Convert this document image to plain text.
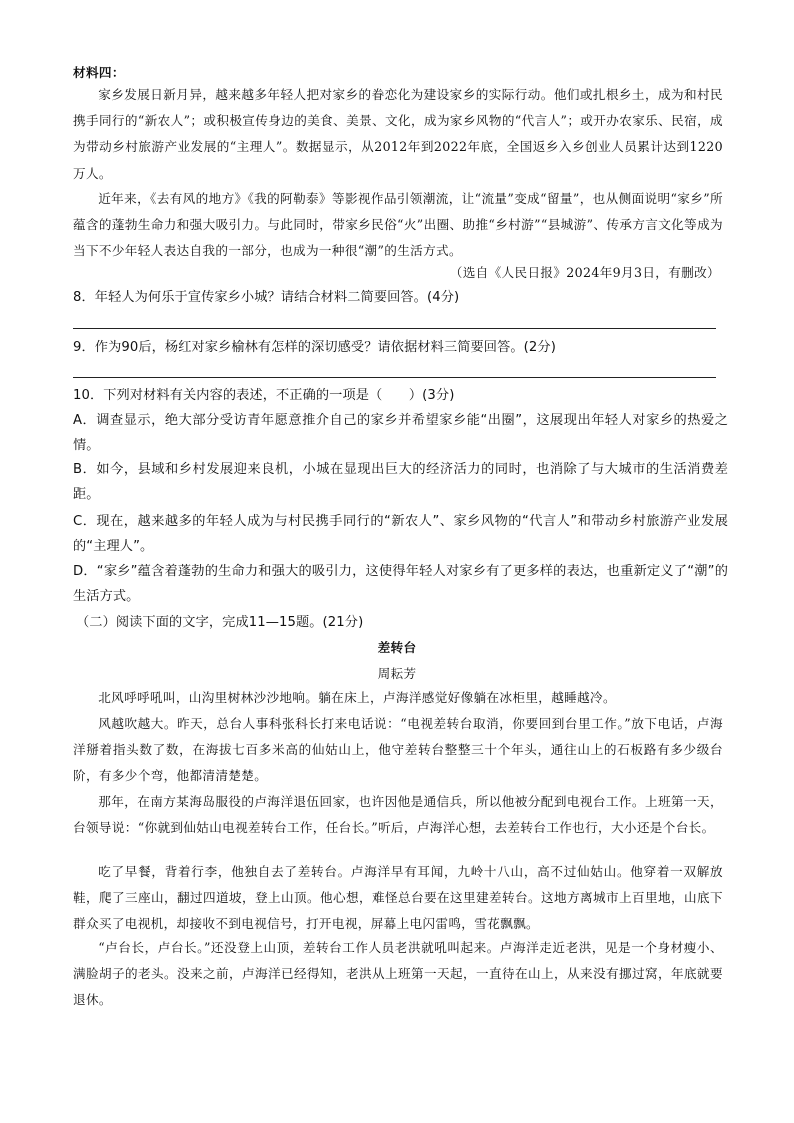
材料四：

家乡发展日新月异，越来越多年轻人把对家乡的眷恋化为建设家乡的实际行动。他们或扎根乡土，成为和村民携手同行的“新农人”；或积极宣传身边的美食、美景、文化，成为家乡风物的“代言人”；或开办农家乐、民宿，成为带动乡村旅游产业发展的“主理人”。数据显示，从2012年到2022年底，全国返乡入乡创业人员累计达到1220万人。

近年来，《去有风的地方》《我的阿勒泰》等影视作品引领潮流，让“流量”变成“留量”，也从侧面说明“家乡”所蕴含的蓬勃生命力和强大吸引力。与此同时，带家乡民俗“火”出圈、助推“乡村游”“县城游”、传承方言文化等成为当下不少年轻人表达自我的一部分，也成为一种很“潮”的生活方式。

（选自《人民日报》2024年9月3日，有删改）
8．年轻人为何乐于宣传家乡小城？请结合材料二简要回答。(4分)
9．作为90后，杨红对家乡榆林有怎样的深切感受？请依据材料三简要回答。(2分)
10．下列对材料有关内容的表述，不正确的一项是（　　）(3分)
A．调查显示，绝大部分受访青年愿意推介自己的家乡并希望家乡能“出圈”，这展现出年轻人对家乡的热爱之情。
B．如今，县域和乡村发展迎来良机，小城在显现出巨大的经济活力的同时，也消除了与大城市的生活消费差距。
C．现在，越来越多的年轻人成为与村民携手同行的“新农人”、家乡风物的“代言人”和带动乡村旅游产业发展的“主理人”。
D．“家乡”蕴含着蓬勃的生命力和强大的吸引力，这使得年轻人对家乡有了更多样的表达，也重新定义了“潮”的生活方式。
（二）阅读下面的文字，完成11—15题。(21分)
差转台
周耘芳

北风呼呼吼叫，山沟里树林沙沙地响。躺在床上，卢海洋感觉好像躺在冰柜里，越睡越冷。

风越吹越大。昨天，总台人事科张科长打来电话说：“电视差转台取消，你要回到台里工作。”放下电话，卢海洋掰着指头数了数，在海拔七百多米高的仙姑山上，他守差转台整整三十个年头，通往山上的石板路有多少级台阶，有多少个弯，他都清清楚楚。

那年，在南方某海岛服役的卢海洋退伍回家，也许因他是通信兵，所以他被分配到电视台工作。上班第一天，台领导说：“你就到仙姑山电视差转台工作，任台长。”听后，卢海洋心想，去差转台工作也行，大小还是个台长。

吃了早餐，背着行李，他独自去了差转台。卢海洋早有耳闻，九岭十八山，高不过仙姑山。他穿着一双解放鞋，爬了三座山，翻过四道坡，登上山顶。他心想，难怪总台要在这里建差转台。这地方离城市上百里地，山底下群众买了电视机，却接收不到电视信号，打开电视，屏幕上电闪雷鸣，雪花飘飘。

“卢台长，卢台长。”还没登上山顶，差转台工作人员老洪就吼叫起来。卢海洋走近老洪，见是一个身材瘦小、满脸胡子的老头。没来之前，卢海洋已经得知，老洪从上班第一天起，一直待在山上，从来没有挪过窝，年底就要退休。
